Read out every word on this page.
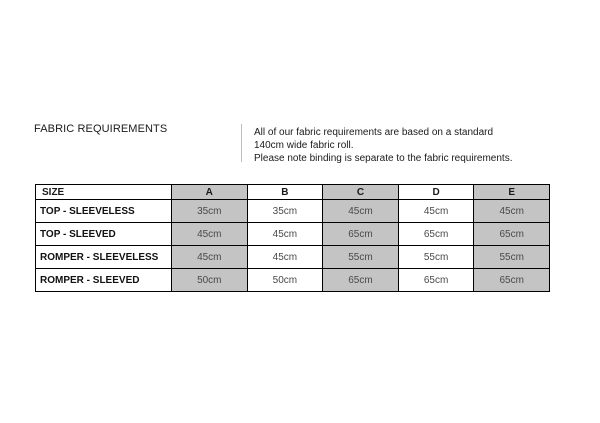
FABRIC REQUIREMENTS	All of our fabric requirements are based on a standard
140cm wide fabric roll.
Please note binding is separate to the fabric requirements.
SIZE	A	B	C	D	E
TOP - SLEEVELESS	35cm	35cm	45cm	45cm	45cm
TOP - SLEEVED	45cm	45cm	65cm	65cm	65cm
ROMPER - SLEEVELESS	45cm	45cm	55cm	55cm	55cm
ROMPER - SLEEVED	50cm	50cm	65cm	65cm	65cm
